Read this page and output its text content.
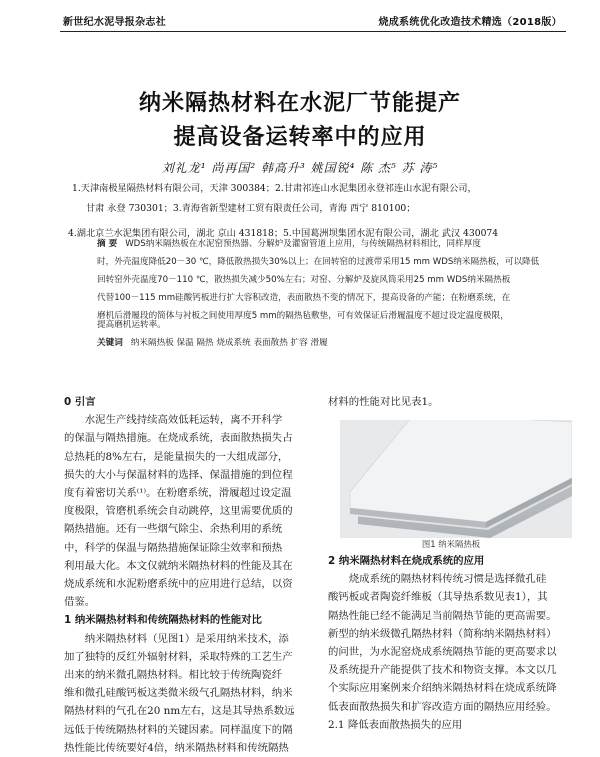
新世纪水泥导报杂志社	烧成系统优化改造技术精选（2018版）
纳米隔热材料在水泥厂节能提产
提高设备运转率中的应用
刘礼龙¹ 尚再国² 韩高升³ 姚国锐⁴ 陈 杰⁵ 苏 涛⁵
1.天津南极星隔热材料有限公司，天津 300384；2.甘肃祁连山水泥集团永登祁连山水泥有限公司，
甘肃 永登 730301；3.青海省新型建材工贸有限责任公司，青海 西宁 810100；
4.湖北京兰水泥集团有限公司，湖北 京山 431818；5.中国葛洲坝集团水泥有限公司，湖北 武汉 430074
摘 要 WDS纳米隔热板在水泥窑预热器、分解炉及灌窗管道上应用，与传统隔热材料相比，同样厚度
时，外壳温度降低20－30 ℃，降低散热损失30%以上；在回转窑的过渡带采用15 mm WDS纳米隔热板，可以降低
回转窑外壳温度70－110 ℃，散热损失减少50%左右；对窑、分解炉及旋风筒采用25 mm WDS纳米隔热板
代替100－115 mm硅酸钙板进行扩大容积改造，表面散热不变的情况下，提高设备的产能；在粉磨系统，在
磨机后滑履段的简体与衬板之间使用厚度5 mm的隔热毡敷垫，可有效保证后滑履温度不超过设定温度极限，
关键词 纳米隔热板 保温 隔热 烧成系统 表面散热 扩容 滑履

0 引言

水泥生产线持续高效低耗运转，离不开科学

的保温与隔热措施。在烧成系统，表面散热损失占

总热耗的8%左右，是能量损失的一大组成部分，

损失的大小与保温材料的选择、保温措施的到位程

度有着密切关系⁽¹⁾。在粉磨系统，滑履超过设定温

度极限，管磨机系统会自动跳停，这里需要优质的

隔热措施。还有一些烟气除尘、余热利用的系统

中，科学的保温与隔热措施保证除尘效率和预热

利用最大化。本文仅就纳米隔热材料的性能及其在

烧成系统和水泥粉磨系统中的应用进行总结，以资

借鉴。

1 纳米隔热材料和传统隔热材料的性能对比

纳米隔热材料（见图1）是采用纳米技术，添

加了独特的反红外辐射材料，采取特殊的工艺生产

出来的纳米微孔隔热材料。相比较于传统陶瓷纤

维和微孔硅酸钙板这类微米级气孔隔热材料，纳米

隔热材料的气孔在20 nm左右，这是其导热系数远

远低于传统隔热材料的关键因素。同样温度下的隔

热性能比传统要好4倍，纳米隔热材料和传统隔热

材料的性能对比见表1。

图1 纳米隔热板

2 纳米隔热材料在烧成系统的应用

烧成系统的隔热材料传统习惯是选择微孔硅

酸钙板或者陶瓷纤维板（其导热系数见表1），其

隔热性能已经不能满足当前隔热节能的更高需要。

新型的纳米级微孔隔热材料（简称纳米隔热材料）

的问世，为水泥窑烧成系统隔热节能的更高要求以

及系统提升产能提供了技术和物资支撑。本文以几

个实际应用案例来介绍纳米隔热材料在烧成系统降

低表面散热损失和扩容改造方面的隔热应用经验。

2.1 降低表面散热损失的应用

提高磨机运转率。
